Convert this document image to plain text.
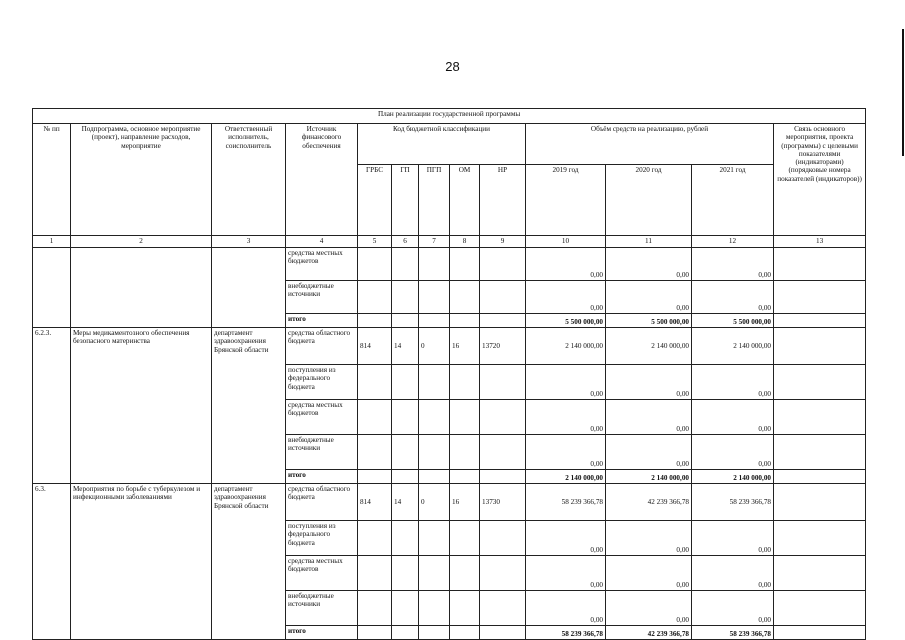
28
План реализации государственной программы												
№ пп	Подпрограмма, основное мероприятие (проект), направление расходов, мероприятие	Ответственный исполнитель, соисполнитель	Источник финансового обеспечения	Код бюджетной классификации					Объём средств на реализацию, рублей			Связь основного мероприятия, проекта (программы) с целевыми показателями (индикаторами) (порядковые номера показателей (индикаторов))

				ГРБС	ГП	ПГП	ОМ	НР	2019 год	2020 год	2021 год	
1	2	3	4	5	6	7	8	9	10	11	12	13
			средства местных бюджетов						0,00	0,00	0,00	
			внебюджетные источники						0,00	0,00	0,00	
			итого						5 500 000,00	5 500 000,00	5 500 000,00	
6.2.3.	Меры медикаментозного обеспечения безопасного материнства	департамент здравоохранения Брянской области	средства областного бюджета	814	14	0	16	13720	2 140 000,00	2 140 000,00	2 140 000,00	
			поступления из федерального бюджета						0,00	0,00	0,00	
			средства местных бюджетов						0,00	0,00	0,00	
			внебюджетные источники						0,00	0,00	0,00	
			итого						2 140 000,00	2 140 000,00	2 140 000,00	
6.3.	Мероприятия по борьбе с туберкулезом и инфекционными заболеваниями	департамент здравоохранения Брянской области	средства областного бюджета	814	14	0	16	13730	58 239 366,78	42 239 366,78	58 239 366,78	
			поступления из федерального бюджета						0,00	0,00	0,00	
			средства местных бюджетов						0,00	0,00	0,00	
			внебюджетные источники						0,00	0,00	0,00	
			итого						58 239 366,78	42 239 366,78	58 239 366,78	
